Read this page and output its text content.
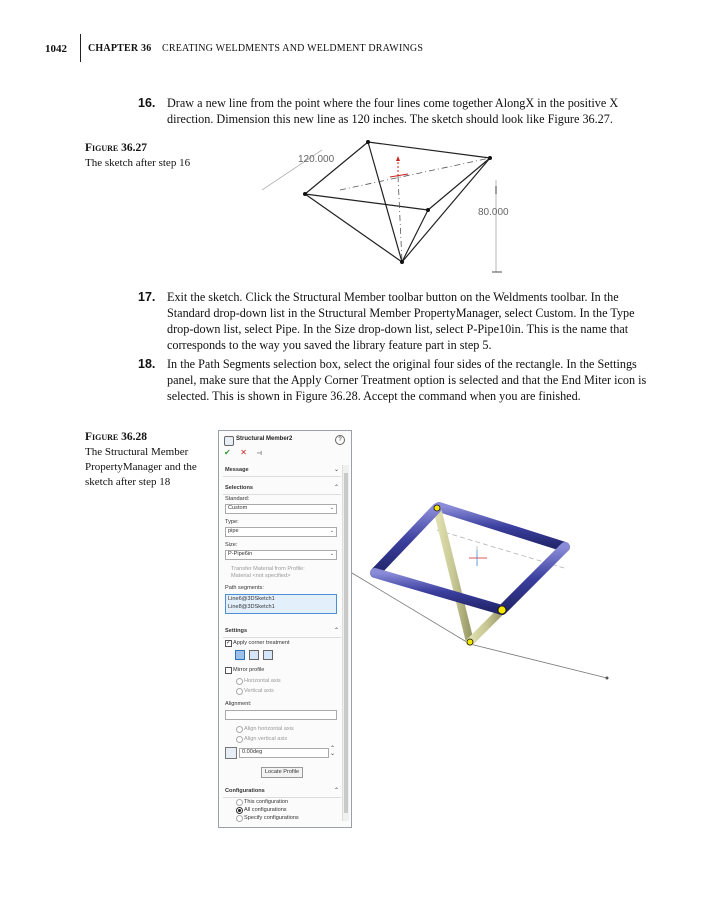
1042 CHAPTER 36 CREATING WELDMENTS AND WELDMENT DRAWINGS
16. Draw a new line from the point where the four lines come together AlongX in the positive X direction. Dimension this new line as 120 inches. The sketch should look like Figure 36.27.
Figure 36.27
The sketch after step 16	120.000
80.000
17. Exit the sketch. Click the Structural Member toolbar button on the Weldments toolbar. In the Standard drop-down list in the Structural Member PropertyManager, select Custom. In the Type drop-down list, select Pipe. In the Size drop-down list, select P-Pipe10in. This is the name that corresponds to the way you saved the library feature part in step 5.
18. In the Path Segments selection box, select the original four sides of the rectangle. In the Settings panel, make sure that the Apply Corner Treatment option is selected and that the End Miter icon is selected. This is shown in Figure 36.28. Accept the command when you are finished.
Figure 36.28
The Structural Member PropertyManager and the sketch after step 18
Structural Member2	?
✔ ✕ ⊣
Message	⌄
Selections	⌃
Standard:
Custom	⌄
Type:
pipe	⌄
Size:
P-Pipe6in	⌄
Transfer Material from Profile:
Material <not specified>
Path segments:
Line6@3DSketch1
Line8@3DSketch1
Settings	⌃
✓ Apply corner treatment
Mirror profile
Horizontal axis
Vertical axis
Alignment:
Align horizontal axis
Align vertical axis
0.00deg	⌃
⌄
Locate Profile
Configurations	⌃
This configuration
All configurations
Specify configurations
